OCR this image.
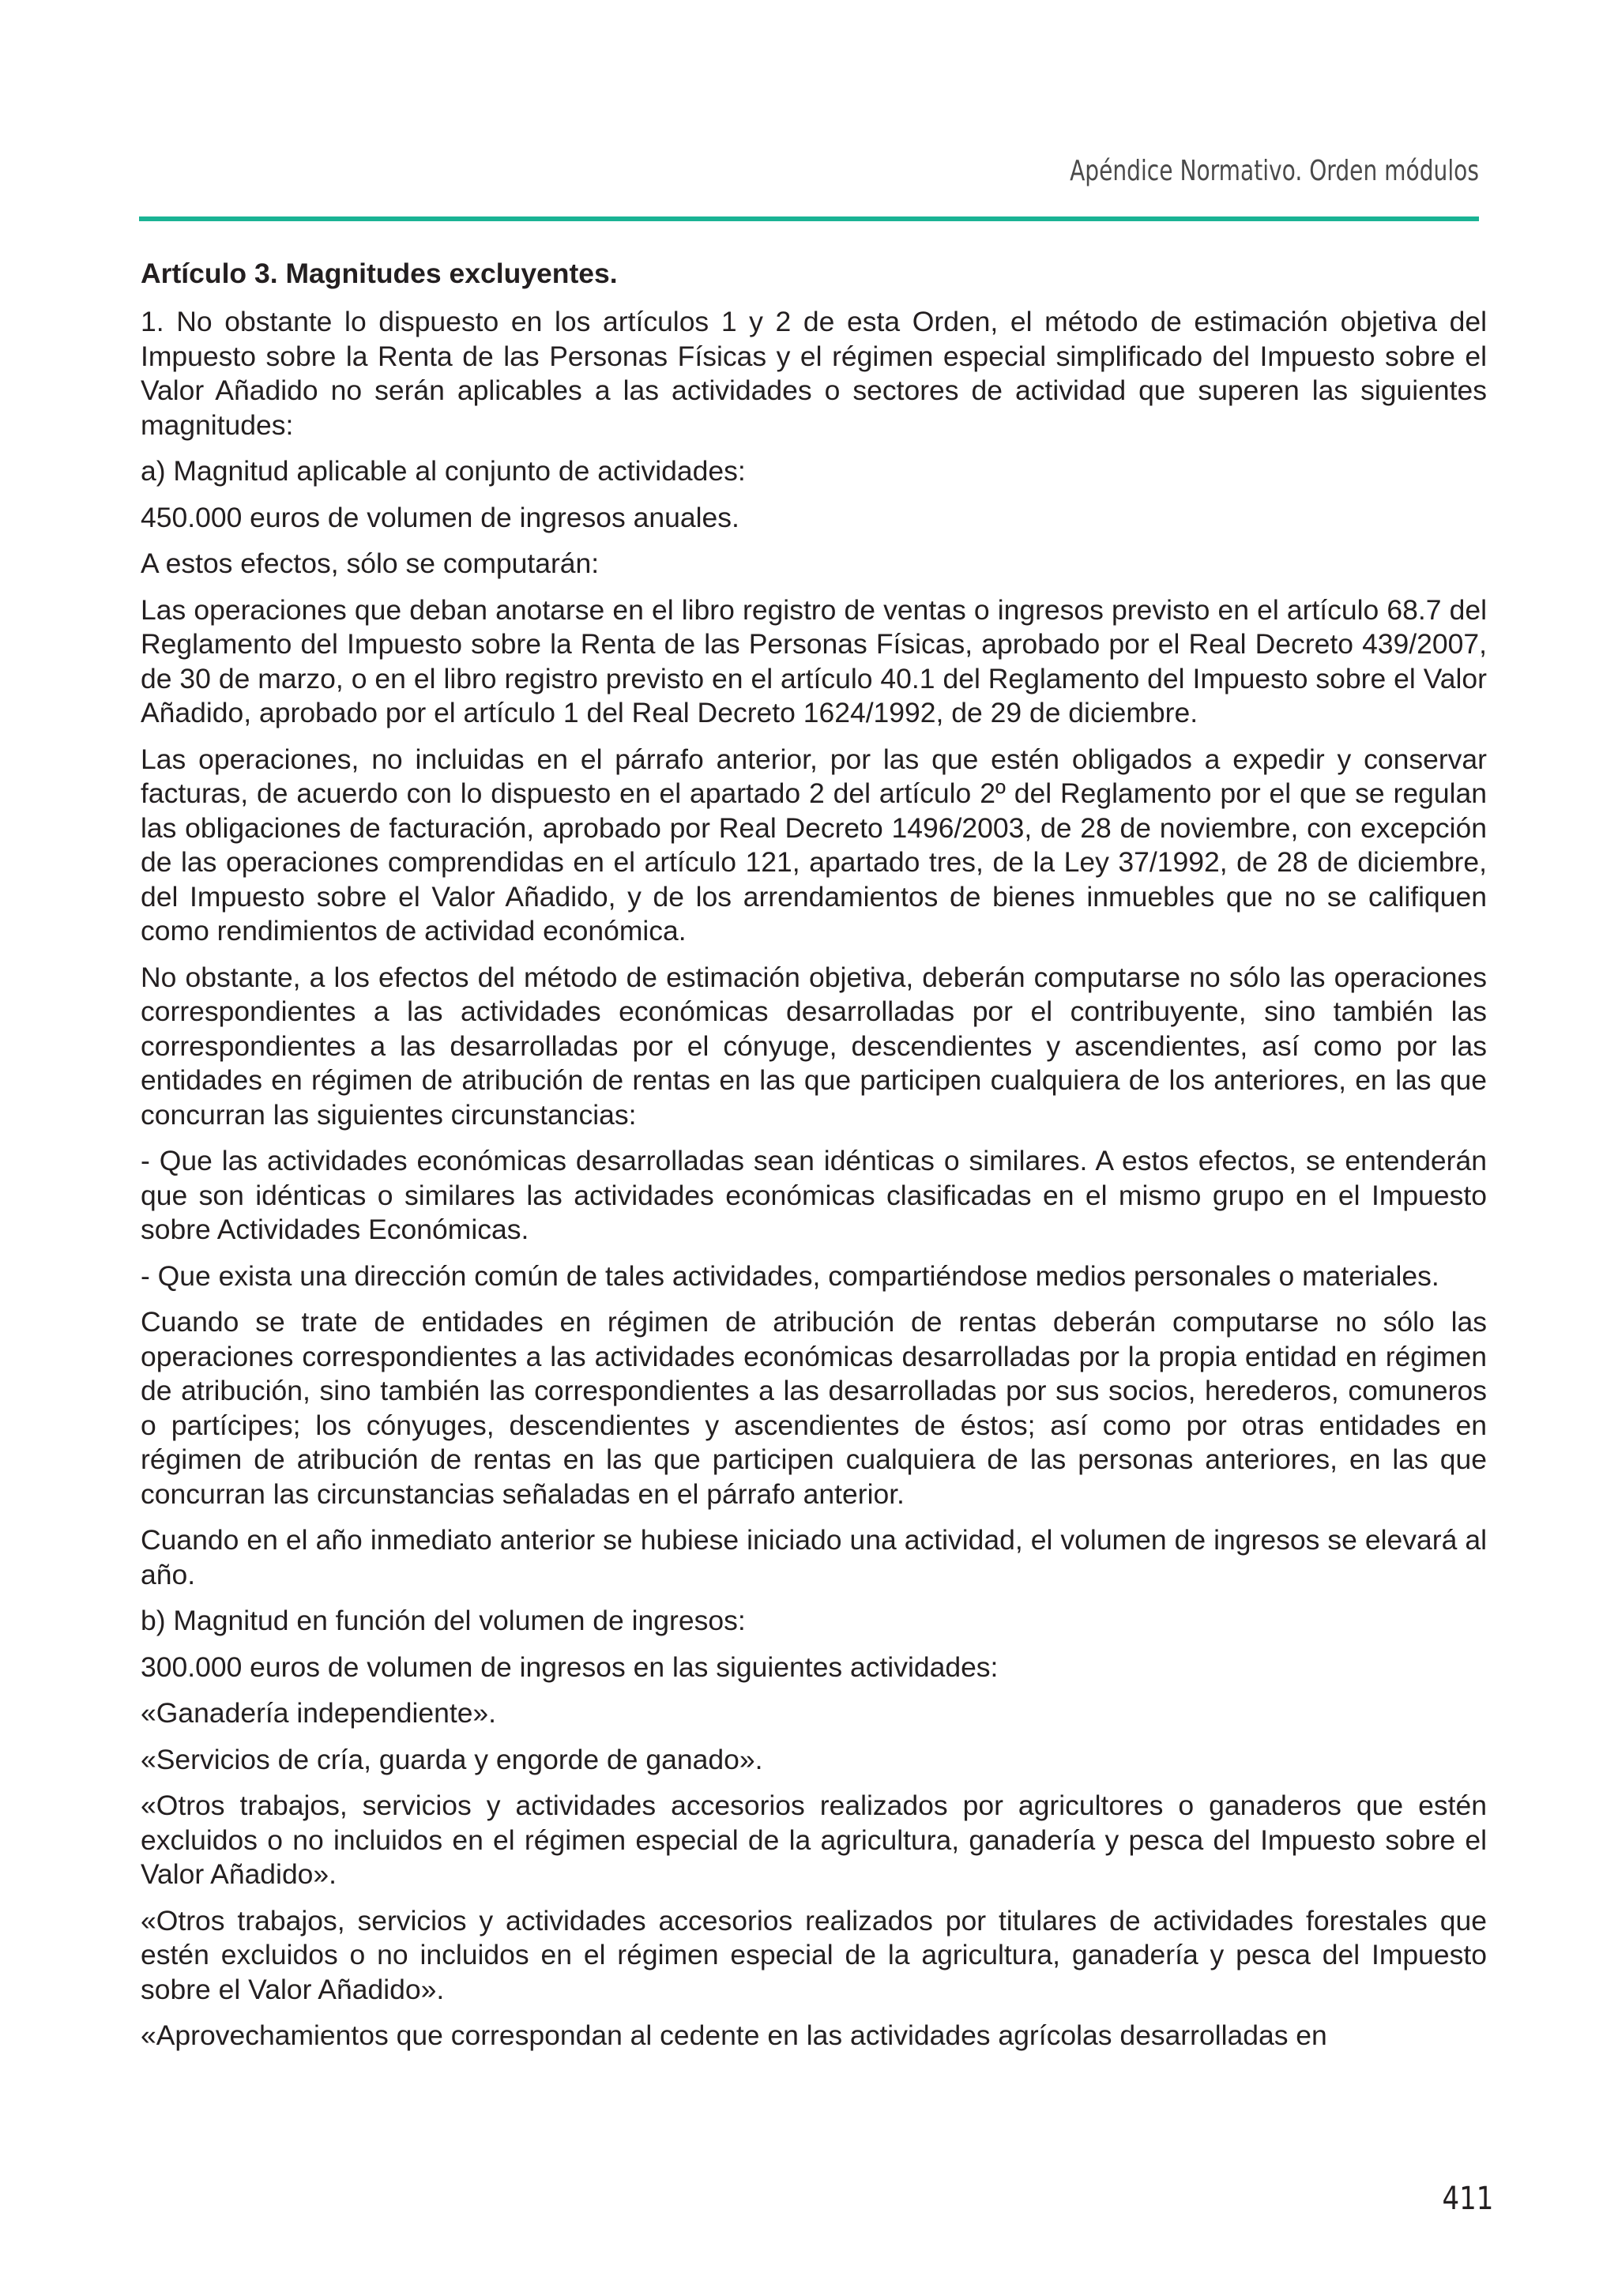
Apéndice Normativo. Orden módulos
Artículo 3. Magnitudes excluyentes.

1. No obstante lo dispuesto en los artículos 1 y 2 de esta Orden, el método de estimación objetiva del Impuesto sobre la Renta de las Personas Físicas y el régimen especial simplificado del Impuesto sobre el Valor Añadido no serán aplicables a las actividades o sectores de actividad que superen las siguientes magnitudes:

a) Magnitud aplicable al conjunto de actividades:

450.000 euros de volumen de ingresos anuales.

A estos efectos, sólo se computarán:

Las operaciones que deban anotarse en el libro registro de ventas o ingresos previsto en el artículo 68.7 del Reglamento del Impuesto sobre la Renta de las Personas Físicas, aprobado por el Real Decreto 439/2007, de 30 de marzo, o en el libro registro previsto en el artículo 40.1 del Reglamento del Impuesto sobre el Valor Añadido, aprobado por el artículo 1 del Real Decreto 1624/1992, de 29 de diciembre.

Las operaciones, no incluidas en el párrafo anterior, por las que estén obligados a expedir y conservar facturas, de acuerdo con lo dispuesto en el apartado 2 del artículo 2º del Reglamento por el que se regulan las obligaciones de facturación, aprobado por Real Decreto 1496/2003, de 28 de noviembre, con excepción de las operaciones comprendidas en el artículo 121, apartado tres, de la Ley 37/1992, de 28 de diciembre, del Impuesto sobre el Valor Añadido, y de los arrendamientos de bienes inmuebles que no se califiquen como rendimientos de actividad económica.

No obstante, a los efectos del método de estimación objetiva, deberán computarse no sólo las operaciones correspondientes a las actividades económicas desarrolladas por el contribuyente, sino también las correspondientes a las desarrolladas por el cónyuge, descendientes y ascendientes, así como por las entidades en régimen de atribución de rentas en las que participen cualquiera de los anteriores, en las que concurran las siguientes circunstancias:

- Que las actividades económicas desarrolladas sean idénticas o similares. A estos efectos, se entenderán que son idénticas o similares las actividades económicas clasificadas en el mismo grupo en el Impuesto sobre Actividades Económicas.

- Que exista una dirección común de tales actividades, compartiéndose medios personales o materiales.

Cuando se trate de entidades en régimen de atribución de rentas deberán computarse no sólo las operaciones correspondientes a las actividades económicas desarrolladas por la propia entidad en régimen de atribución, sino también las correspondientes a las desarrolladas por sus socios, herederos, comuneros o partícipes; los cónyuges, descendientes y ascendientes de éstos; así como por otras entidades en régimen de atribución de rentas en las que participen cualquiera de las personas anteriores, en las que concurran las circunstancias señaladas en el párrafo anterior.

Cuando en el año inmediato anterior se hubiese iniciado una actividad, el volumen de ingresos se elevará al año.

b) Magnitud en función del volumen de ingresos:

300.000 euros de volumen de ingresos en las siguientes actividades:

«Ganadería independiente».

«Servicios de cría, guarda y engorde de ganado».

«Otros trabajos, servicios y actividades accesorios realizados por agricultores o ganaderos que estén excluidos o no incluidos en el régimen especial de la agricultura, ganadería y pesca del Impuesto sobre el Valor Añadido».

«Otros trabajos, servicios y actividades accesorios realizados por titulares de actividades forestales que estén excluidos o no incluidos en el régimen especial de la agricultura, ganadería y pesca del Impuesto sobre el Valor Añadido».

«Aprovechamientos que correspondan al cedente en las actividades agrícolas desarrolladas en

411
